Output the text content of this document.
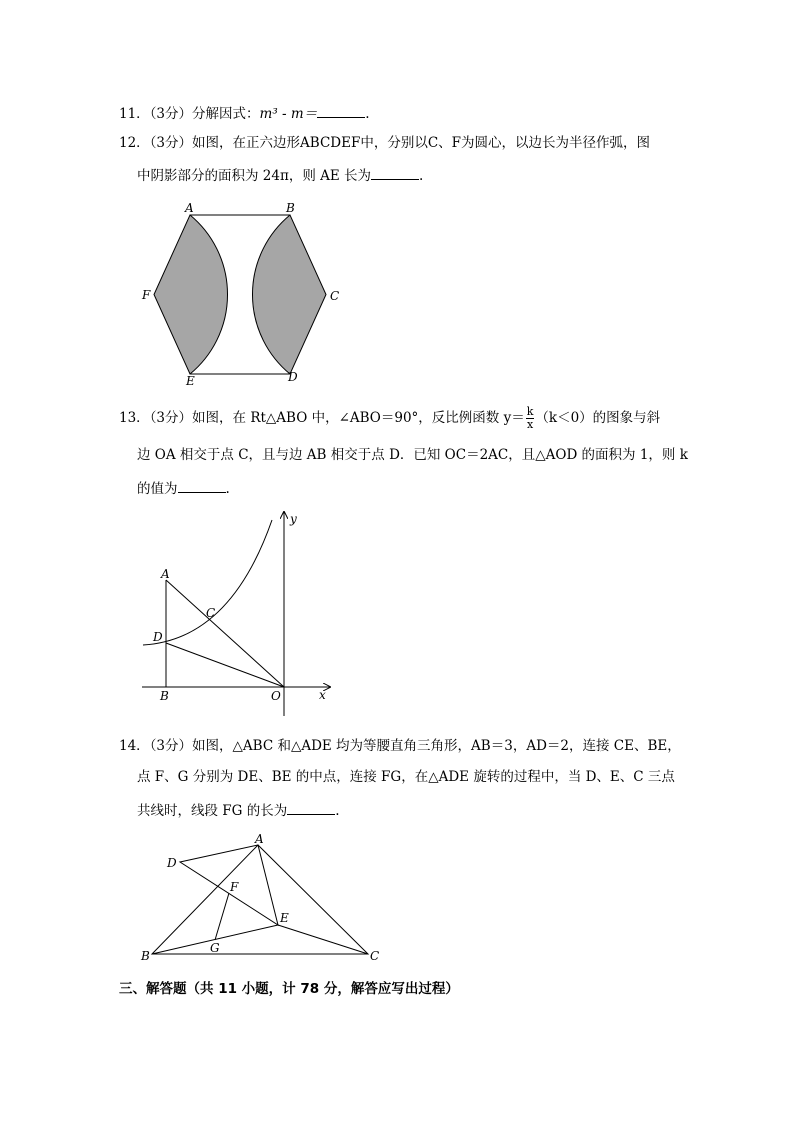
11．（3分）分解因式：m³ - m＝	.
12．（3分）如图，在正六边形ABCDEF中，分别以C、F为圆心，以边长为半径作弧，图
中阴影部分的面积为 24π，则 AE 长为	.
A	B
C
D
E
F
13．（3分）如图，在 Rt△ABO 中，∠ABO＝90°，反比例函数 $y= \frac{k}{x} (k<0)$的图象与斜
边 OA 相交于点 C，且与边 AB 相交于点 D．已知 OC＝2AC，且△AOD 的面积为 1，则 k
的值为	.
A
B
C
D
O	x
y
14．（3分）如图，△ABC 和△ADE 均为等腰直角三角形，AB＝3，AD＝2，连接 CE、BE，
点 F、G 分别为 DE、BE 的中点，连接 FG，在△ADE 旋转的过程中，当 D、E、C 三点
共线时，线段 FG 的长为	.
A
B	C
D
E
F
G
三、解答题（共 11 小题，计 78 分，解答应写出过程）
